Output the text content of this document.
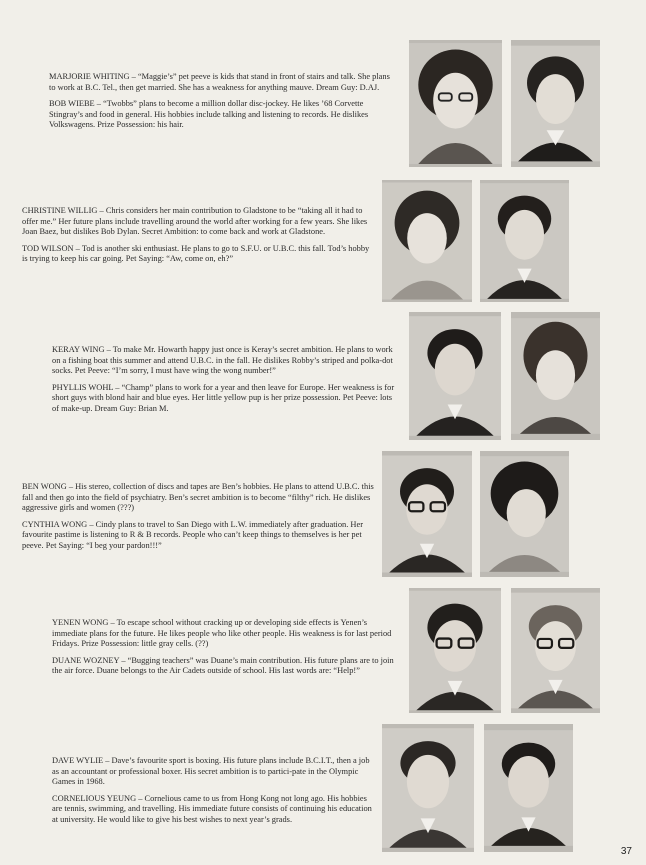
MARJORIE WHITING – “Maggie’s” pet peeve is kids that stand in front of stairs and talk. She plans to work at B.C. Tel., then get married. She has a weakness for anything mauve. Dream Guy: D.AJ.

BOB WIEBE – “Twobbs” plans to become a million dollar disc-jockey. He likes ’68 Corvette Stingray’s and food in general. His hobbies include talking and listening to records. He dislikes Volkswagens. Prize Possession: his hair.

CHRISTINE WILLIG – Chris considers her main contribution to Gladstone to be “taking all it had to offer me.” Her future plans include travelling around the world after working for a few years. She likes Joan Baez, but dislikes Bob Dylan. Secret Ambition: to come back and work at Gladstone.

TOD WILSON – Tod is another ski enthusiast. He plans to go to S.F.U. or U.B.C. this fall. Tod’s hobby is trying to keep his car going. Pet Saying: “Aw, come on, eh?”

KERAY WING – To make Mr. Howarth happy just once is Keray’s secret ambition. He plans to work on a fishing boat this summer and attend U.B.C. in the fall. He dislikes Robby’s striped and polka-dot socks. Pet Peeve: “I’m sorry, I must have wing the wong number!”

PHYLLIS WOHL – “Champ” plans to work for a year and then leave for Europe. Her weakness is for short guys with blond hair and blue eyes. Her little yellow pup is her prize possession. Pet Peeve: lots of make-up. Dream Guy: Brian M.

BEN WONG – His stereo, collection of discs and tapes are Ben’s hobbies. He plans to attend U.B.C. this fall and then go into the field of psychiatry. Ben’s secret ambition is to become “filthy” rich. He dislikes aggressive girls and women (???)

CYNTHIA WONG – Cindy plans to travel to San Diego with L.W. immediately after graduation. Her favourite pastime is listening to R & B records. People who can’t keep things to themselves is her pet peeve. Pet Saying: “I beg your pardon!!!”

YENEN WONG – To escape school without cracking up or developing side effects is Yenen’s immediate plans for the future. He likes people who like other people. His weakness is for last period Fridays. Prize Possession: little gray cells. (??)

DUANE WOZNEY – “Bugging teachers” was Duane’s main contribution. His future plans are to join the air force. Duane belongs to the Air Cadets outside of school. His last words are: “Help!”

DAVE WYLIE – Dave’s favourite sport is boxing. His future plans include B.C.I.T., then a job as an accountant or professional boxer. His secret ambition is to partici-pate in the Olympic Games in 1968.

CORNELIOUS YEUNG – Cornelious came to us from Hong Kong not long ago. His hobbies are tennis, swimming, and travelling. His immediate future consists of continuing his education at university. He would like to give his best wishes to next year’s grads.

37
